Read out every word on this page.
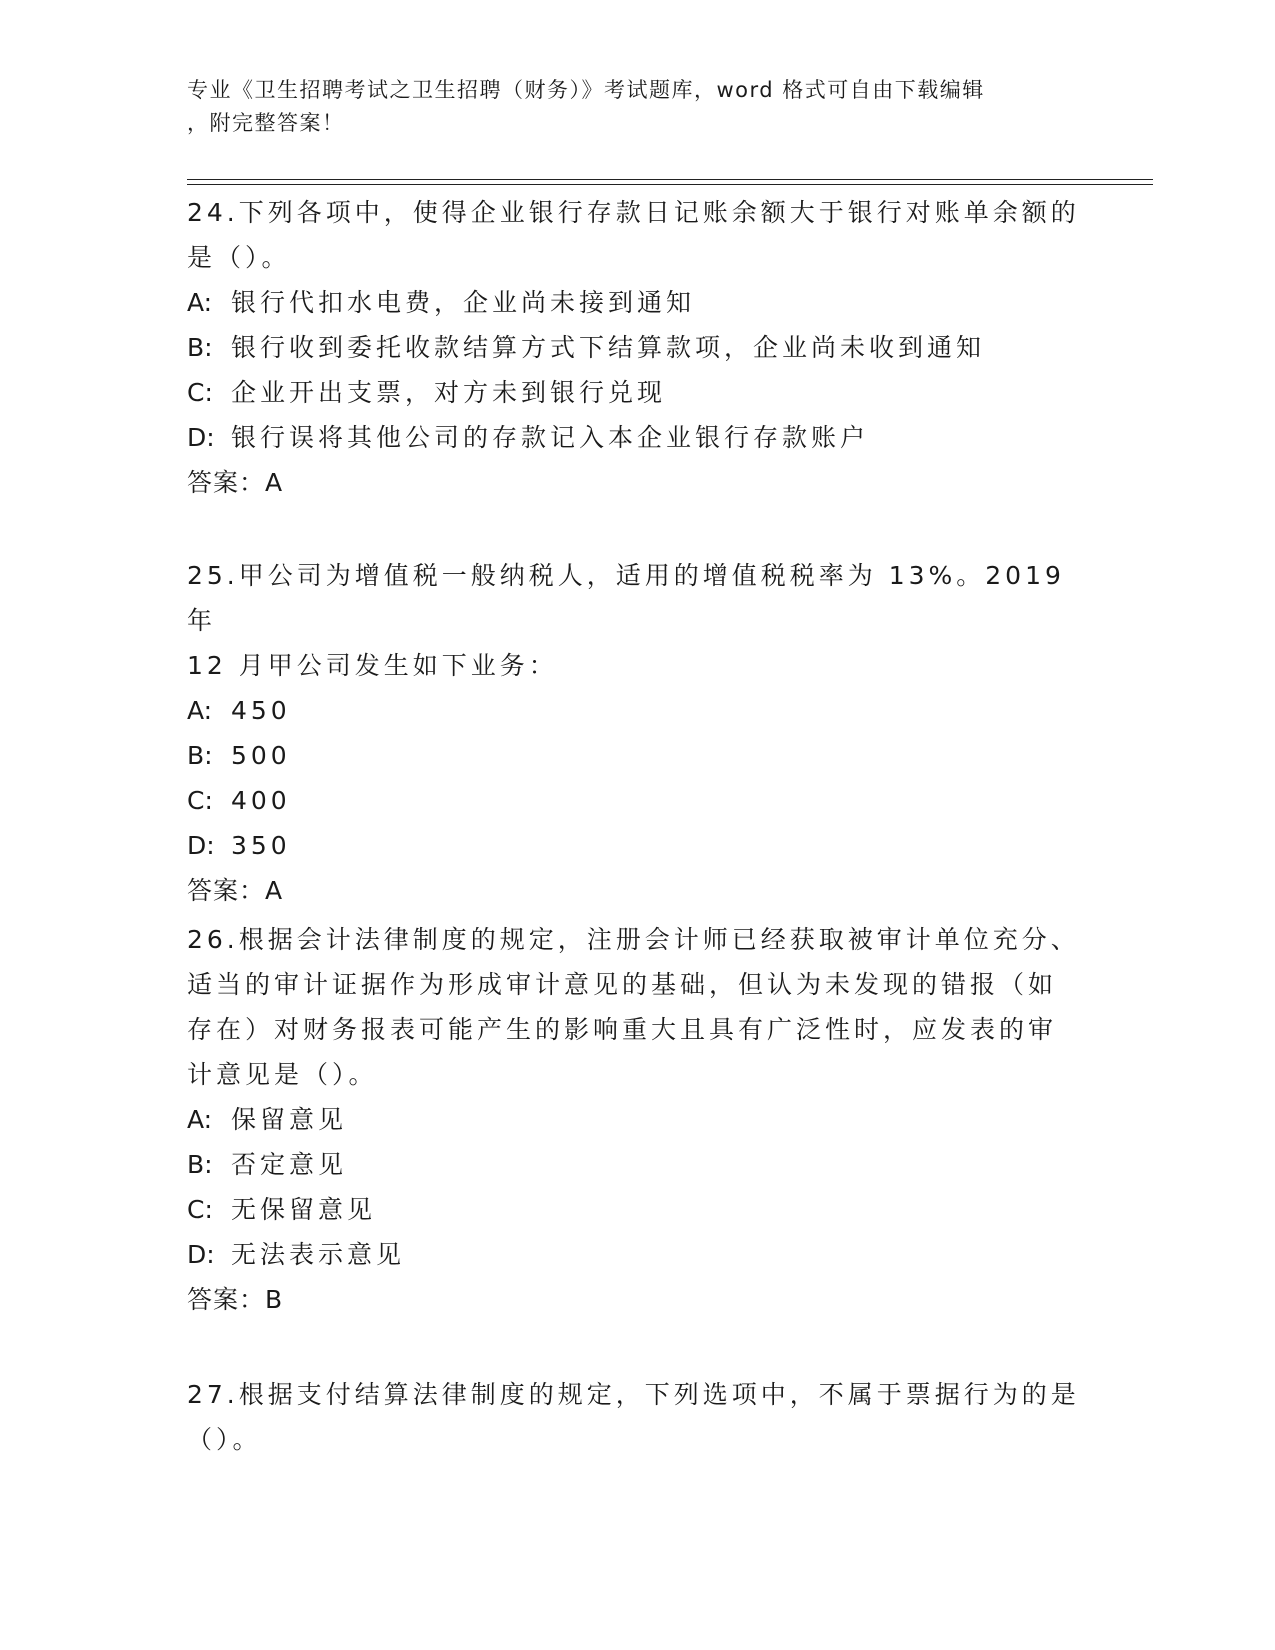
专业《卫生招聘考试之卫生招聘（财务）》考试题库，word 格式可自由下载编辑
，附完整答案！
24.下列各项中，使得企业银行存款日记账余额大于银行对账单余额的
是（）。
A: 银行代扣水电费，企业尚未接到通知
B: 银行收到委托收款结算方式下结算款项，企业尚未收到通知
C: 企业开出支票，对方未到银行兑现
D: 银行误将其他公司的存款记入本企业银行存款账户
答案：A
25.甲公司为增值税一般纳税人，适用的增值税税率为 13%。2019 年
12 月甲公司发生如下业务：
A: 450
B: 500
C: 400
D: 350
答案：A
26.根据会计法律制度的规定，注册会计师已经获取被审计单位充分、
适当的审计证据作为形成审计意见的基础，但认为未发现的错报（如
存在）对财务报表可能产生的影响重大且具有广泛性时，应发表的审
计意见是（）。
A: 保留意见
B: 否定意见
C: 无保留意见
D: 无法表示意见
答案：B
27.根据支付结算法律制度的规定，下列选项中，不属于票据行为的是
（）。
